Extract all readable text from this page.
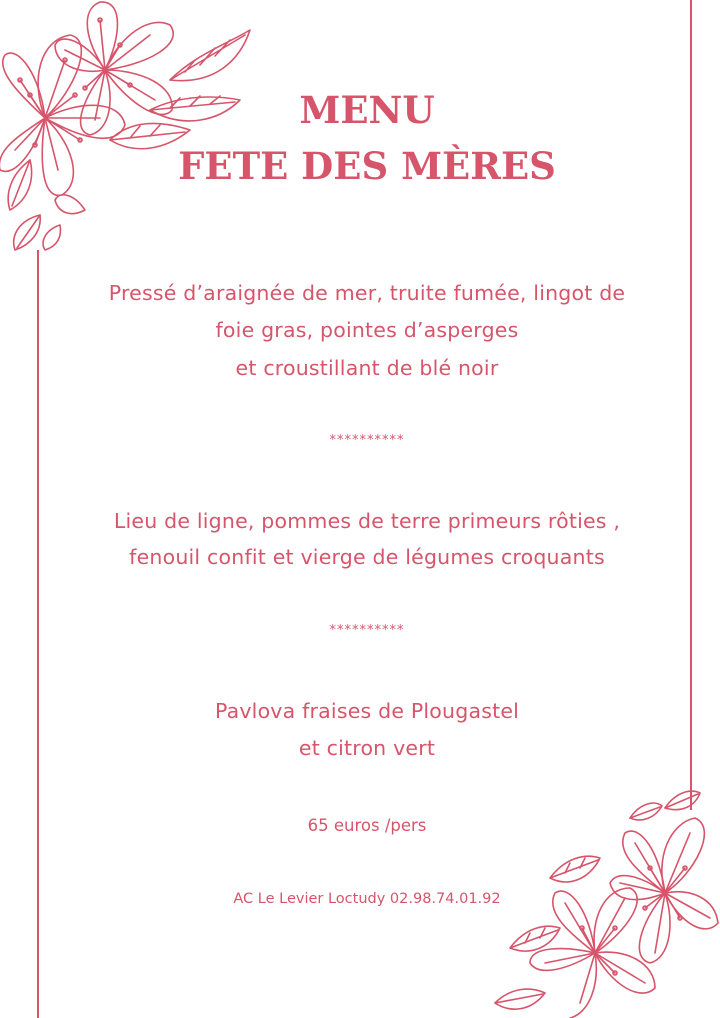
MENU
FETE DES MÈRES

Pressé d’araignée de mer, truite fumée, lingot de

foie gras, pointes d’asperges

et croustillant de blé noir

**********

Lieu de ligne, pommes de terre primeurs rôties ,

fenouil confit et vierge de légumes croquants

**********

Pavlova fraises de Plougastel

et citron vert

65 euros /pers
AC Le Levier Loctudy 02.98.74.01.92
